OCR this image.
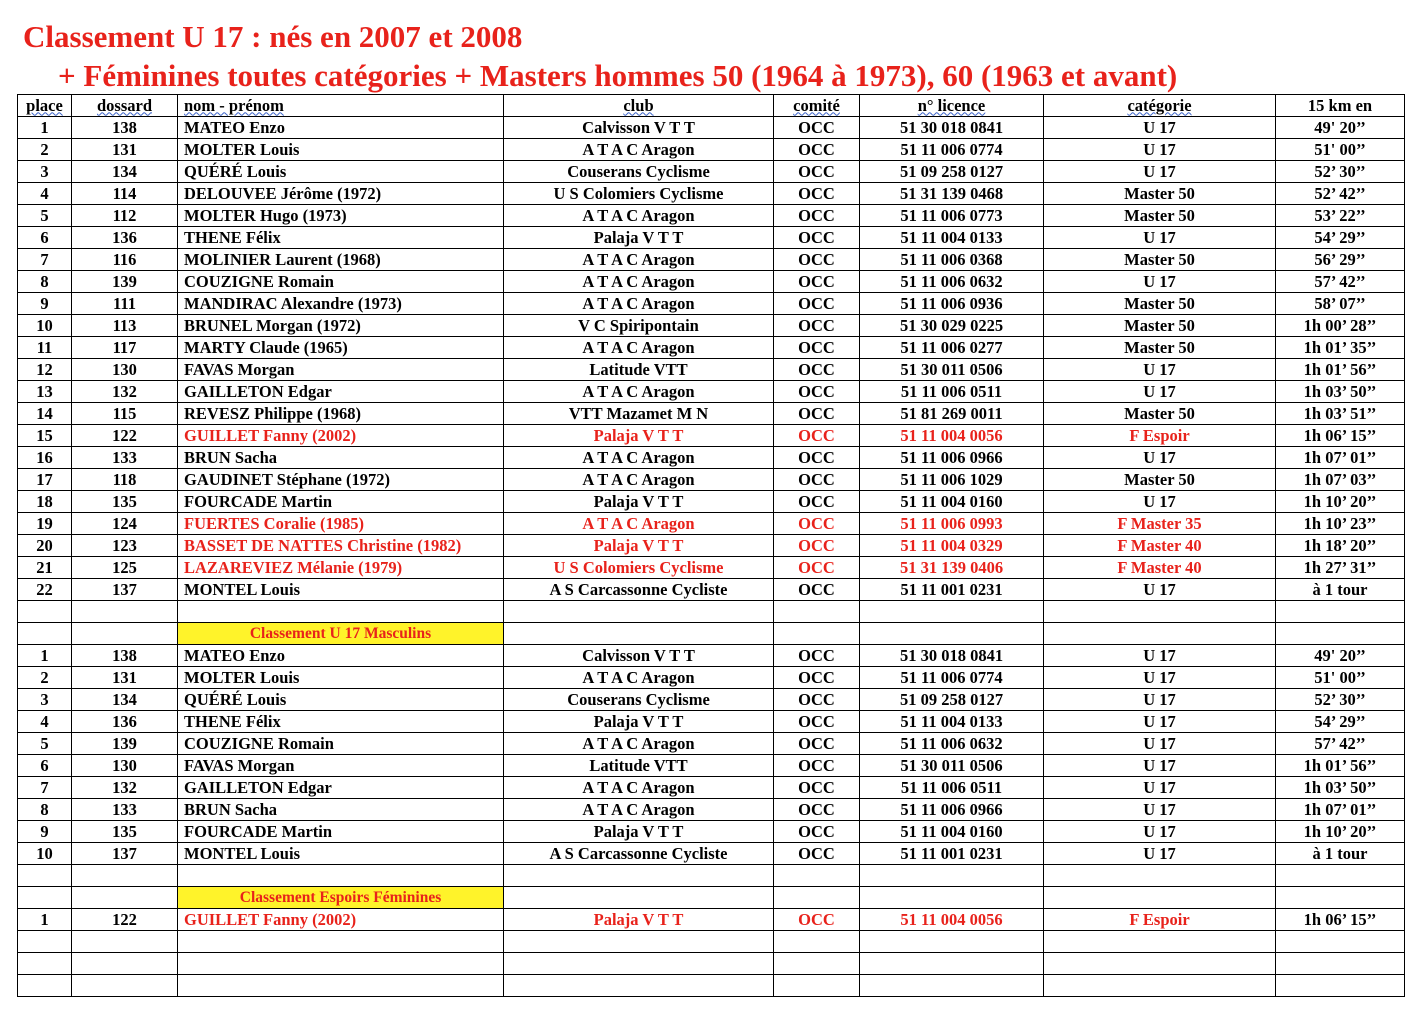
Classement U 17 : nés en 2007 et 2008
+ Féminines toutes catégories + Masters hommes 50 (1964 à 1973), 60 (1963 et avant)
place	dossard	nom - prénom	club	comité	n° licence	catégorie	15 km en
1	138	MATEO Enzo	Calvisson V T T	OCC	51 30 018 0841	U 17	49' 20’’
2	131	MOLTER Louis	A T A C Aragon	OCC	51 11 006 0774	U 17	51' 00’’
3	134	QUÉRÉ Louis	Couserans Cyclisme	OCC	51 09 258 0127	U 17	52’ 30’’
4	114	DELOUVEE Jérôme (1972)	U S Colomiers Cyclisme	OCC	51 31 139 0468	Master 50	52’ 42’’
5	112	MOLTER Hugo (1973)	A T A C Aragon	OCC	51 11 006 0773	Master 50	53’ 22’’
6	136	THENE Félix	Palaja V T T	OCC	51 11 004 0133	U 17	54’ 29’’
7	116	MOLINIER Laurent (1968)	A T A C Aragon	OCC	51 11 006 0368	Master 50	56’ 29’’
8	139	COUZIGNE Romain	A T A C Aragon	OCC	51 11 006 0632	U 17	57’ 42’’
9	111	MANDIRAC Alexandre (1973)	A T A C Aragon	OCC	51 11 006 0936	Master 50	58’ 07’’
10	113	BRUNEL Morgan (1972)	V C Spiripontain	OCC	51 30 029 0225	Master 50	1h 00’ 28’’
11	117	MARTY Claude (1965)	A T A C Aragon	OCC	51 11 006 0277	Master 50	1h 01’ 35’’
12	130	FAVAS Morgan	Latitude VTT	OCC	51 30 011 0506	U 17	1h 01’ 56’’
13	132	GAILLETON Edgar	A T A C Aragon	OCC	51 11 006 0511	U 17	1h 03’ 50’’
14	115	REVESZ Philippe (1968)	VTT Mazamet M N	OCC	51 81 269 0011	Master 50	1h 03’ 51’’
15	122	GUILLET Fanny (2002)	Palaja V T T	OCC	51 11 004 0056	F Espoir	1h 06’ 15’’
16	133	BRUN Sacha	A T A C Aragon	OCC	51 11 006 0966	U 17	1h 07’ 01’’
17	118	GAUDINET Stéphane (1972)	A T A C Aragon	OCC	51 11 006 1029	Master 50	1h 07’ 03’’
18	135	FOURCADE Martin	Palaja V T T	OCC	51 11 004 0160	U 17	1h 10’ 20’’
19	124	FUERTES Coralie (1985)	A T A C Aragon	OCC	51 11 006 0993	F Master 35	1h 10’ 23’’
20	123	BASSET DE NATTES Christine (1982)	Palaja V T T	OCC	51 11 004 0329	F Master 40	1h 18’ 20’’
21	125	LAZAREVIEZ Mélanie (1979)	U S Colomiers Cyclisme	OCC	51 31 139 0406	F Master 40	1h 27’ 31’’
22	137	MONTEL Louis	A S Carcassonne Cycliste	OCC	51 11 001 0231	U 17	à 1 tour

		Classement U 17 Masculins					
1	138	MATEO Enzo	Calvisson V T T	OCC	51 30 018 0841	U 17	49' 20’’
2	131	MOLTER Louis	A T A C Aragon	OCC	51 11 006 0774	U 17	51' 00’’
3	134	QUÉRÉ Louis	Couserans Cyclisme	OCC	51 09 258 0127	U 17	52’ 30’’
4	136	THENE Félix	Palaja V T T	OCC	51 11 004 0133	U 17	54’ 29’’
5	139	COUZIGNE Romain	A T A C Aragon	OCC	51 11 006 0632	U 17	57’ 42’’
6	130	FAVAS Morgan	Latitude VTT	OCC	51 30 011 0506	U 17	1h 01’ 56’’
7	132	GAILLETON Edgar	A T A C Aragon	OCC	51 11 006 0511	U 17	1h 03’ 50’’
8	133	BRUN Sacha	A T A C Aragon	OCC	51 11 006 0966	U 17	1h 07’ 01’’
9	135	FOURCADE Martin	Palaja V T T	OCC	51 11 004 0160	U 17	1h 10’ 20’’
10	137	MONTEL Louis	A S Carcassonne Cycliste	OCC	51 11 001 0231	U 17	à 1 tour

		Classement Espoirs Féminines					
1	122	GUILLET Fanny (2002)	Palaja V T T	OCC	51 11 004 0056	F Espoir	1h 06’ 15’’
